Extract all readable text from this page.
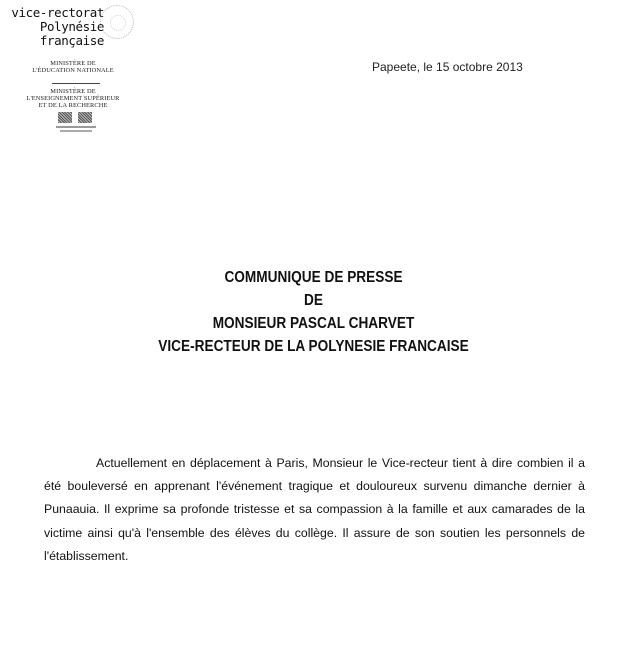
vice-rectorat
Polynésie française
MINISTÈRE DE
L'ÉDUCATION NATIONALE
MINISTÈRE DE
L'ENSEIGNEMENT SUPÉRIEUR
ET DE LA RECHERCHE
Papeete, le 15 octobre 2013
COMMUNIQUE DE PRESSE
DE
MONSIEUR PASCAL CHARVET
VICE-RECTEUR DE LA POLYNESIE FRANCAISE

Actuellement en déplacement à Paris, Monsieur le Vice-recteur tient à dire combien il a été bouleversé en apprenant l'événement tragique et douloureux survenu dimanche dernier à Punaauia. Il exprime sa profonde tristesse et sa compassion à la famille et aux camarades de la victime ainsi qu'à l'ensemble des élèves du collège. Il assure de son soutien les personnels de l'établissement.
